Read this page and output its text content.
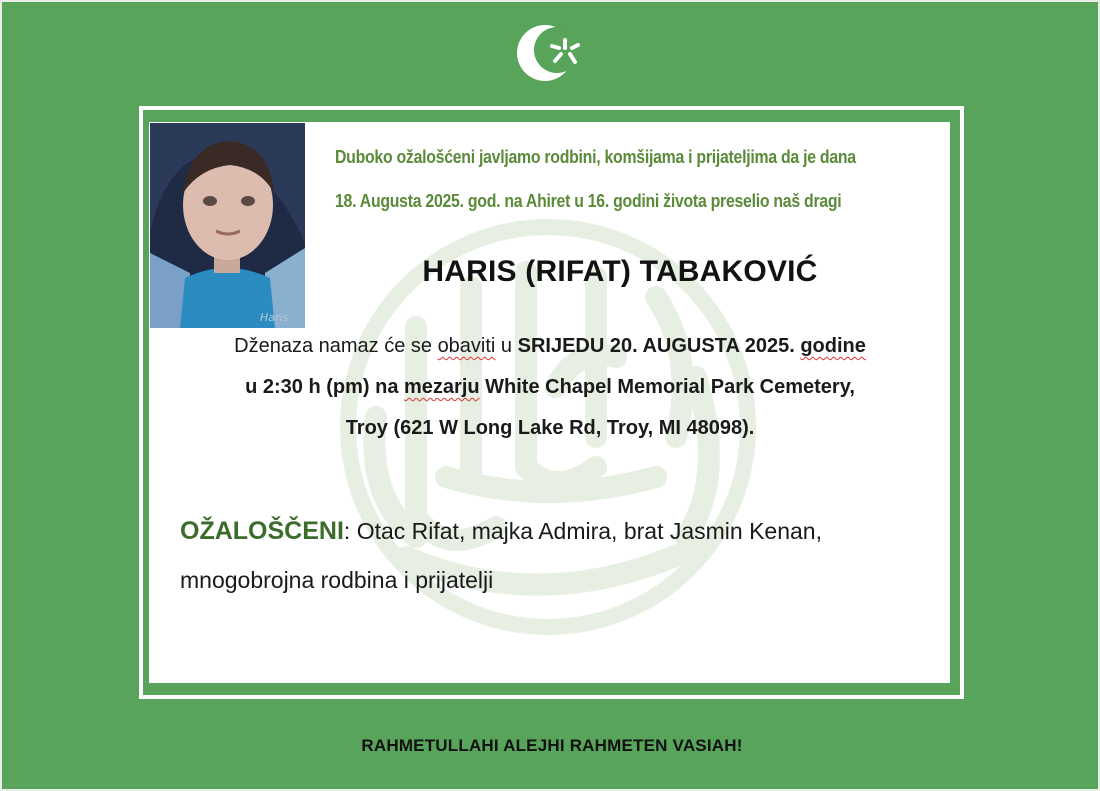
Haris
Duboko ožalošćeni javljamo rodbini, komšijama i prijateljima da je dana
18. Augusta 2025. god. na Ahiret u 16. godini života preselio naš dragi
HARIS (RIFAT) TABAKOVIĆ
Dženaza namaz će se obaviti u SRIJEDU 20. AUGUSTA 2025. godine
u 2:30 h (pm) na mezarju White Chapel Memorial Park Cemetery,
Troy (621 W Long Lake Rd, Troy, MI 48098).
OŽALOŠČENI: Otac Rifat, majka Admira, brat Jasmin Kenan,
mnogobrojna rodbina i prijatelji
RAHMETULLAHI ALEJHI RAHMETEN VASIAH!
